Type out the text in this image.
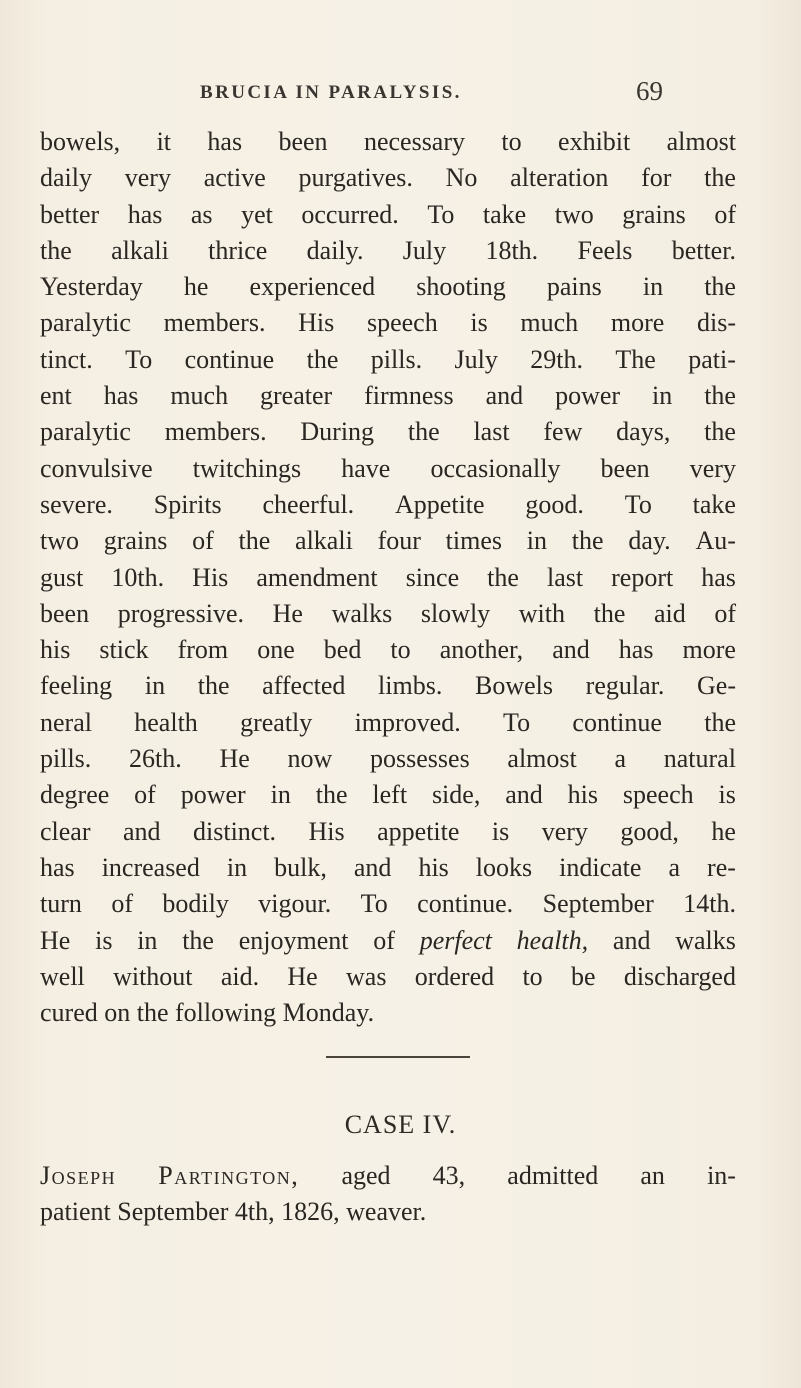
BRUCIA IN PARALYSIS.	69
bowels, it has been necessary to exhibit almost
daily very active purgatives. No alteration for the
better has as yet occurred. To take two grains of
the alkali thrice daily. July 18th. Feels better.
Yesterday he experienced shooting pains in the
paralytic members. His speech is much more dis-
tinct. To continue the pills. July 29th. The pati-
ent has much greater firmness and power in the
paralytic members. During the last few days, the
convulsive twitchings have occasionally been very
severe. Spirits cheerful. Appetite good. To take
two grains of the alkali four times in the day. Au-
gust 10th. His amendment since the last report has
been progressive. He walks slowly with the aid of
his stick from one bed to another, and has more
feeling in the affected limbs. Bowels regular. Ge-
neral health greatly improved. To continue the
pills. 26th. He now possesses almost a natural
degree of power in the left side, and his speech is
clear and distinct. His appetite is very good, he
has increased in bulk, and his looks indicate a re-
turn of bodily vigour. To continue. September 14th.
He is in the enjoyment of perfect health, and walks
well without aid. He was ordered to be discharged
cured on the following Monday.
CASE IV.
Joseph Partington, aged 43, admitted an in-
patient September 4th, 1826, weaver.
